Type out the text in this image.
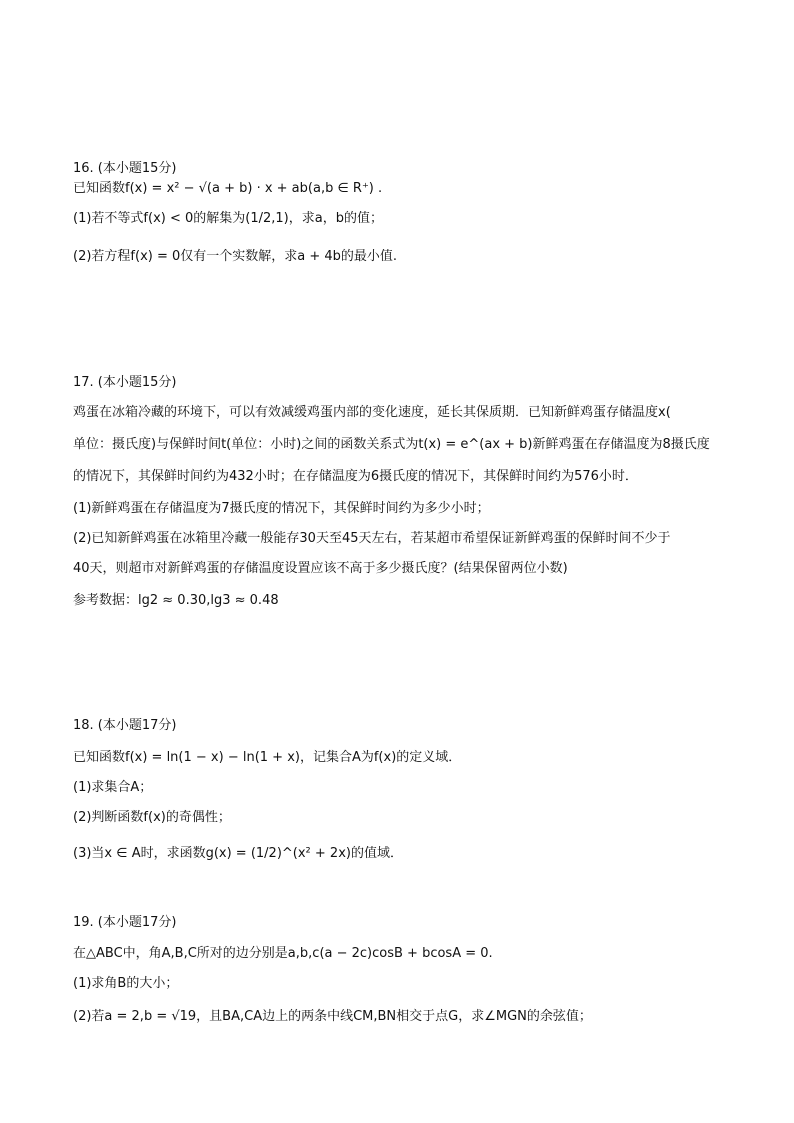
16. (本小题15分)
已知函数f(x) = x² − √(a + b) · x + ab(a,b ∈ R⁺) .
(1)若不等式f(x) < 0的解集为(1/2,1)，求a，b的值；
(2)若方程f(x) = 0仅有一个实数解，求a + 4b的最小值.
17. (本小题15分)
鸡蛋在冰箱冷藏的环境下，可以有效减缓鸡蛋内部的变化速度，延长其保质期．已知新鲜鸡蛋存储温度x(
单位：摄氏度)与保鲜时间t(单位：小时)之间的函数关系式为t(x) = e^(ax + b)新鲜鸡蛋在存储温度为8摄氏度
的情况下，其保鲜时间约为432小时；在存储温度为6摄氏度的情况下，其保鲜时间约为576小时．
(1)新鲜鸡蛋在存储温度为7摄氏度的情况下，其保鲜时间约为多少小时；
(2)已知新鲜鸡蛋在冰箱里冷藏一般能存30天至45天左右，若某超市希望保证新鲜鸡蛋的保鲜时间不少于
40天，则超市对新鲜鸡蛋的存储温度设置应该不高于多少摄氏度？(结果保留两位小数)
参考数据：lg2 ≈ 0.30,lg3 ≈ 0.48
18. (本小题17分)
已知函数f(x) = ln(1 − x) − ln(1 + x)，记集合A为f(x)的定义域．
(1)求集合A；
(2)判断函数f(x)的奇偶性；
(3)当x ∈ A时，求函数g(x) = (1/2)^(x² + 2x)的值域．
19. (本小题17分)
在△ABC中，角A,B,C所对的边分别是a,b,c(a − 2c)cosB + bcosA = 0.
(1)求角B的大小；
(2)若a = 2,b = √19，且BA,CA边上的两条中线CM,BN相交于点G，求∠MGN的余弦值；
